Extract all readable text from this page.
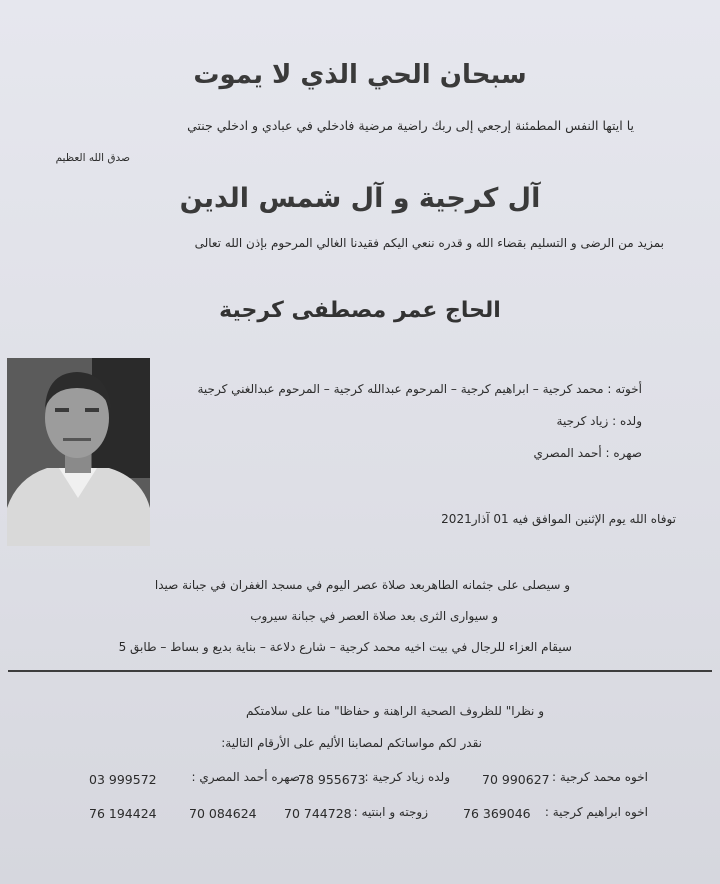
سبحان الحي الذي لا يموت
يا ايتها النفس المطمئنة إرجعي إلى ربك راضية مرضية فادخلي في عبادي و ادخلي جنتي
صدق الله العظيم
آل كرجية و آل شمس الدين
بمزيد من الرضى و التسليم بقضاء الله و قدره ننعي اليكم فقيدنا الغالي المرحوم بإذن الله تعالى
الحاج عمر مصطفى كرجية
أخوته : محمد كرجية – ابراهيم كرجية – المرحوم عبدالله كرجية – المرحوم عبدالغني كرجية
ولده : زياد كرجية
صهره : أحمد المصري
توفاه الله يوم الإثنين الموافق فيه 01 آذار2021
و سيصلى على جثمانه الطاهربعد صلاة عصر اليوم في مسجد الغفران في جبانة صيدا
و سيوارى الثرى بعد صلاة العصر في جبانة سيروب
سيقام العزاء للرجال في بيت اخيه محمد كرجية – شارع دلاعة – بناية بديع و بساط – طابق 5
و نظرا" للظروف الصحية الراهنة و حفاظا" منا على سلامتكم
نقدر لكم مواساتكم لمصابنا الأليم على الأرقام التالية:
اخوه محمد كرجية :
70 990627
ولده زياد كرجية :
78 955673
صهره أحمد المصري :
03 999572
اخوه ابراهيم كرجية :
76 369046
زوجته و ابنتيه :
70 744728
70 084624
76 194424
